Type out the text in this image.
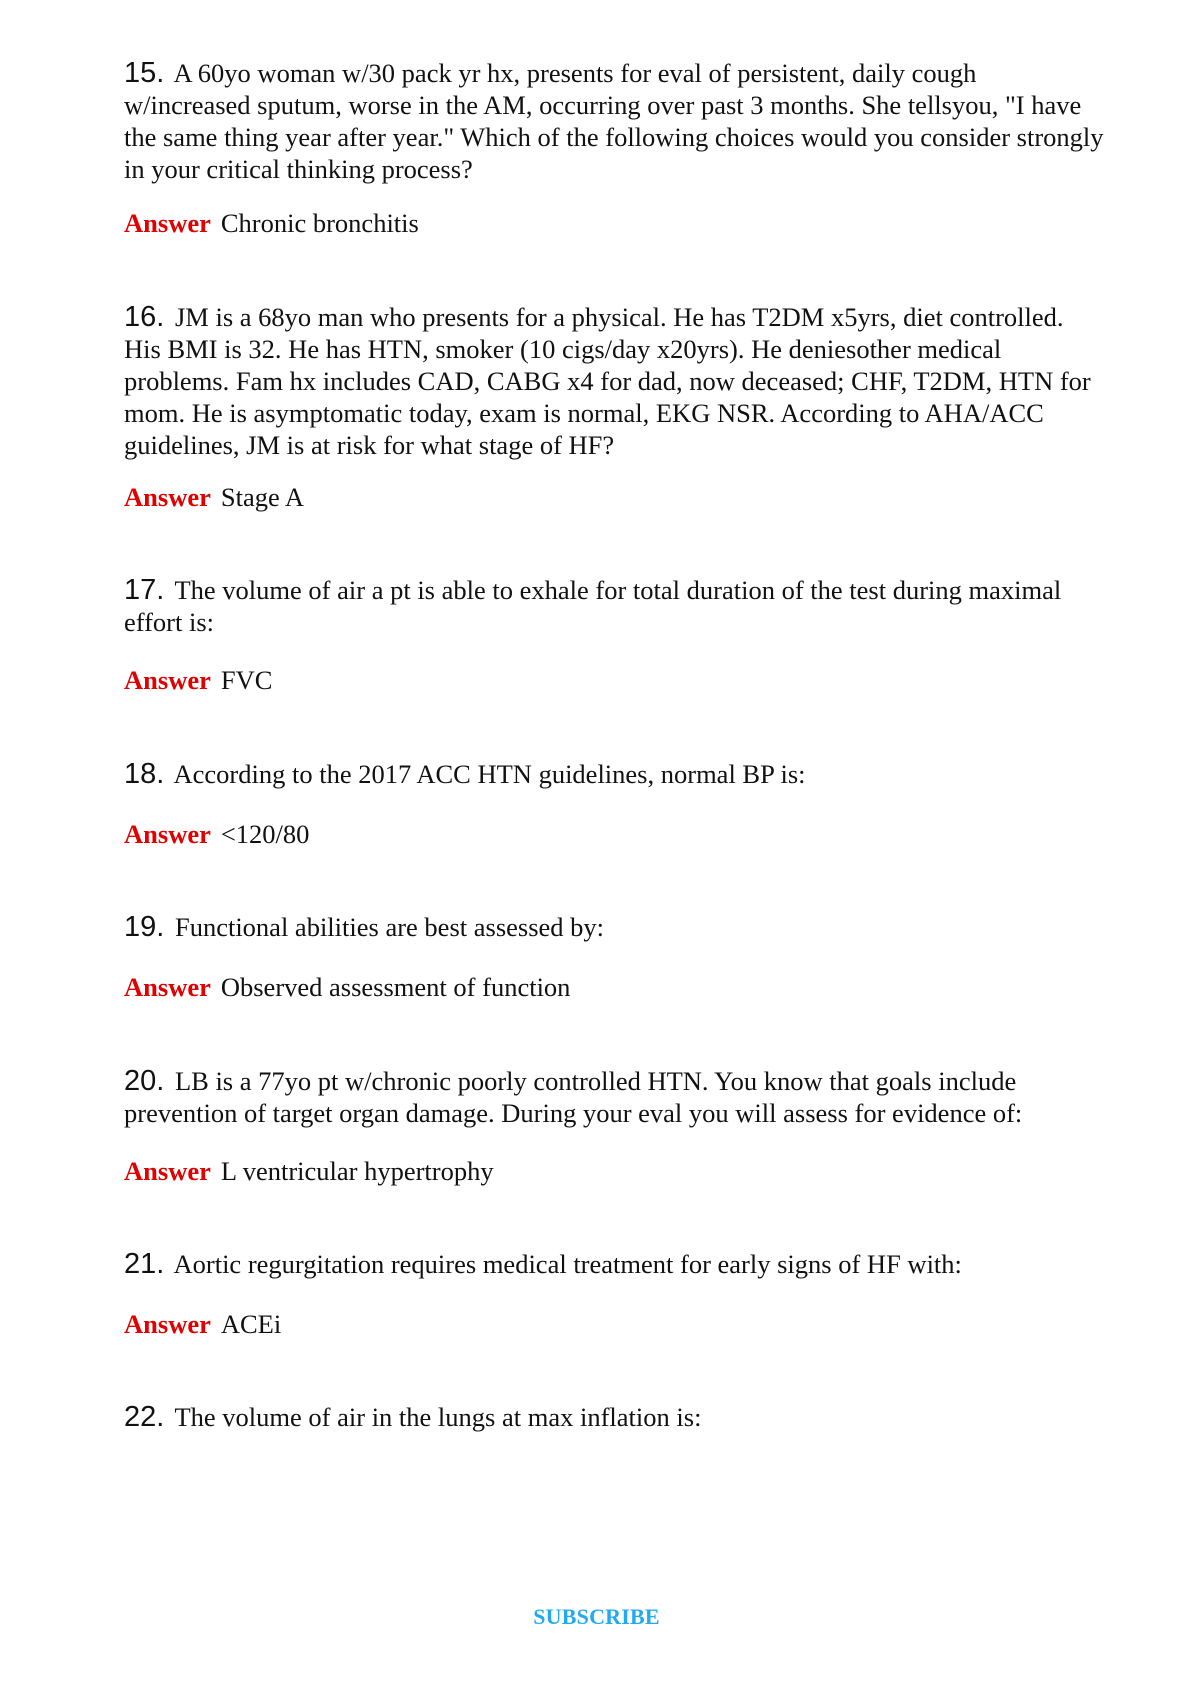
15. A 60yo woman w/30 pack yr hx, presents for eval of persistent, daily cough w/increased sputum, worse in the AM, occurring over past 3 months. She tellsyou, "I have the same thing year after year." Which of the following choices would you consider strongly in your critical thinking process?

Answer Chronic bronchitis

16. JM is a 68yo man who presents for a physical. He has T2DM x5yrs, diet controlled. His BMI is 32. He has HTN, smoker (10 cigs/day x20yrs). He deniesother medical problems. Fam hx includes CAD, CABG x4 for dad, now deceased; CHF, T2DM, HTN for mom. He is asymptomatic today, exam is normal, EKG NSR. According to AHA/ACC guidelines, JM is at risk for what stage of HF?

Answer Stage A

17. The volume of air a pt is able to exhale for total duration of the test during maximal effort is:

Answer FVC

18. According to the 2017 ACC HTN guidelines, normal BP is:

Answer <120/80

19. Functional abilities are best assessed by:

Answer Observed assessment of function

20. LB is a 77yo pt w/chronic poorly controlled HTN. You know that goals include prevention of target organ damage. During your eval you will assess for evidence of:

Answer L ventricular hypertrophy

21. Aortic regurgitation requires medical treatment for early signs of HF with:

Answer ACEi

22. The volume of air in the lungs at max inflation is:

SUBSCRIBE
